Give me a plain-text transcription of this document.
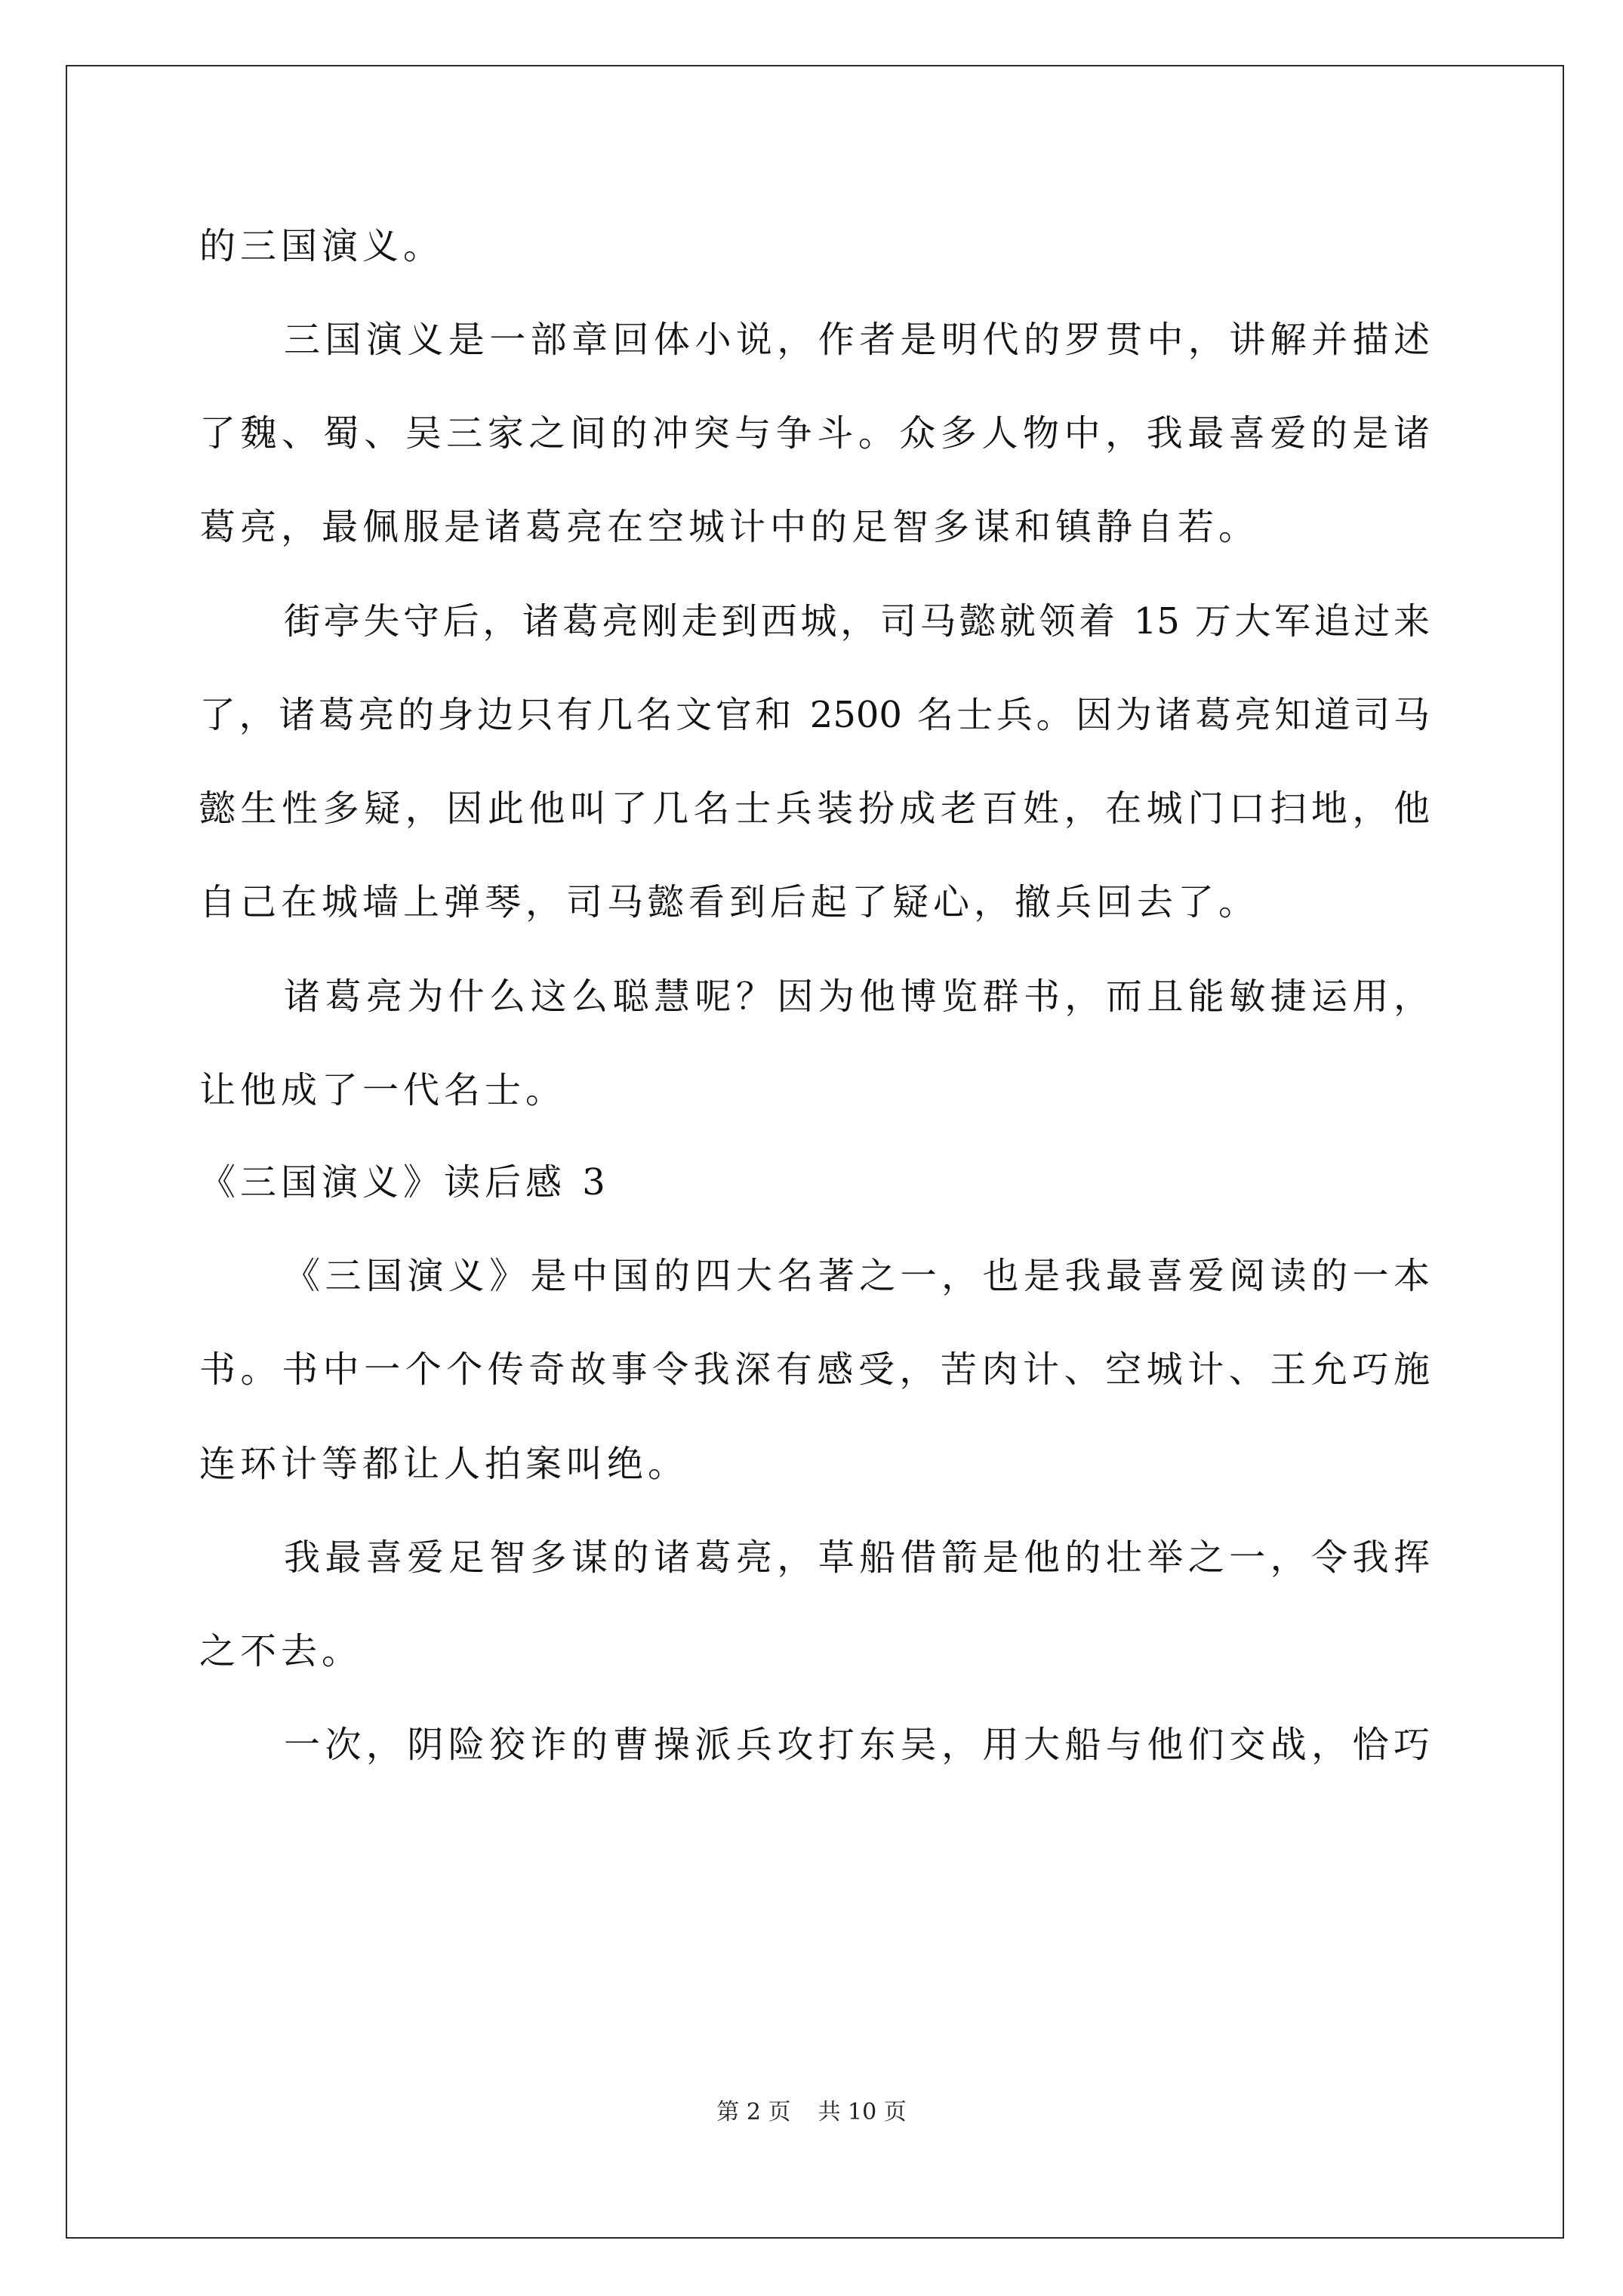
的三国演义。
三国演义是一部章回体小说，作者是明代的罗贯中，讲解并描述
了魏、蜀、吴三家之间的冲突与争斗。众多人物中，我最喜爱的是诸
葛亮，最佩服是诸葛亮在空城计中的足智多谋和镇静自若。
街亭失守后，诸葛亮刚走到西城，司马懿就领着 15 万大军追过来
了，诸葛亮的身边只有几名文官和 2500 名士兵。因为诸葛亮知道司马
懿生性多疑，因此他叫了几名士兵装扮成老百姓，在城门口扫地，他
自己在城墙上弹琴，司马懿看到后起了疑心，撤兵回去了。
诸葛亮为什么这么聪慧呢？因为他博览群书，而且能敏捷运用，
让他成了一代名士。
《三国演义》读后感 3
《三国演义》是中国的四大名著之一，也是我最喜爱阅读的一本
书。书中一个个传奇故事令我深有感受，苦肉计、空城计、王允巧施
连环计等都让人拍案叫绝。
我最喜爱足智多谋的诸葛亮，草船借箭是他的壮举之一，令我挥
之不去。
一次，阴险狡诈的曹操派兵攻打东吴，用大船与他们交战，恰巧
第 2 页 共 10 页
